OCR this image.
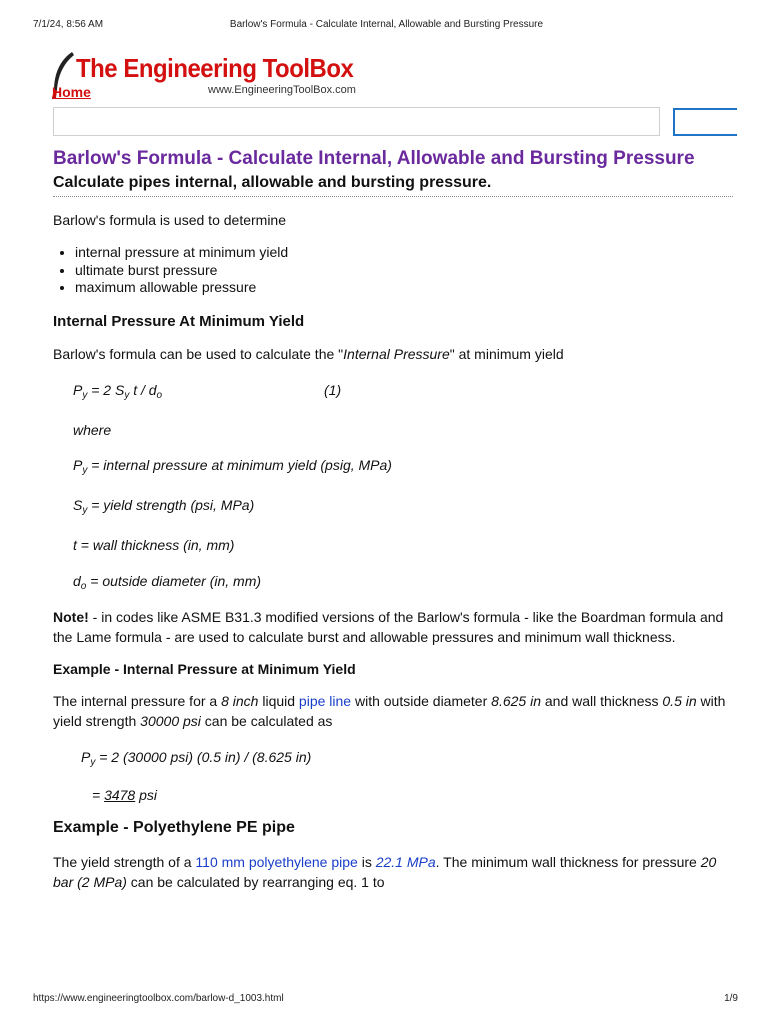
7/1/24, 8:56 AM	Barlow's Formula - Calculate Internal, Allowable and Bursting Pressure
The Engineering ToolBox
Home	www.EngineeringToolBox.com
Barlow's Formula - Calculate Internal, Allowable and Bursting Pressure
Calculate pipes internal, allowable and bursting pressure.

Barlow's formula is used to determine

• internal pressure at minimum yield
• ultimate burst pressure
• maximum allowable pressure
Internal Pressure At Minimum Yield

Barlow's formula can be used to calculate the "Internal Pressure" at minimum yield

$P_y = 2$ $S_y$ t / $d_o$	(1)
where
$P_y$ = internal pressure at minimum yield (psig, MPa)
$S_y$ = yield strength (psi, MPa)
t = wall thickness (in, mm)
$d_o$ = outside diameter (in, mm)

Note! - in codes like ASME B31.3 modified versions of the Barlow's formula - like the Boardman formula and the Lame formula - are used to calculate burst and allowable pressures and minimum wall thickness.

Example - Internal Pressure at Minimum Yield

The internal pressure for a 8 inch liquid pipe line with outside diameter 8.625 in and wall thickness 0.5 in with yield strength 30000 psi can be calculated as

$P_y = 2$ (30000 psi) (0.5 in) / (8.625 in)
= 3478 psi
Example - Polyethylene PE pipe

The yield strength of a 110 mm polyethylene pipe is 22.1 MPa. The minimum wall thickness for pressure 20 bar (2 MPa) can be calculated by rearranging eq. 1 to

https://www.engineeringtoolbox.com/barlow-d_1003.html	1/9
